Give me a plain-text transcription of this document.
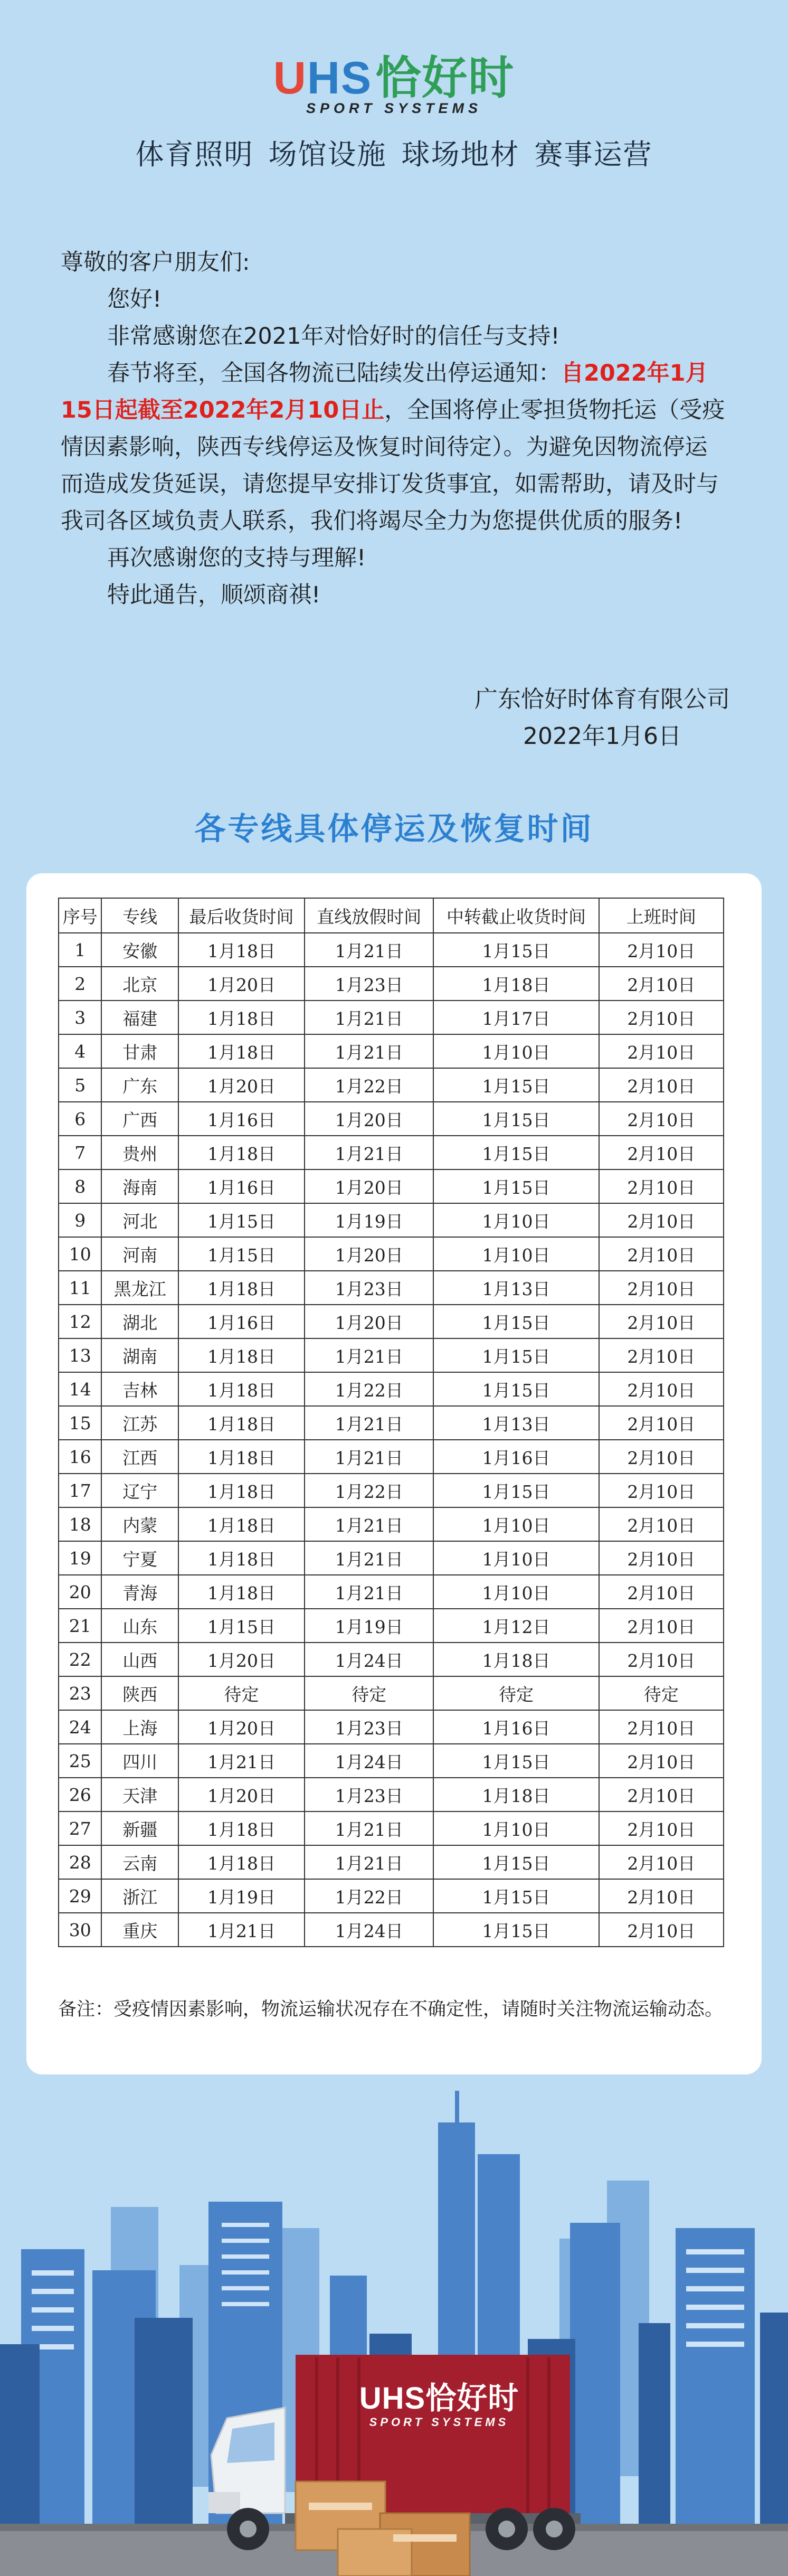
UHS恰好时
SPORT SYSTEMS
体育照明 场馆设施 球场地材 赛事运营

尊敬的客户朋友们:

您好!

非常感谢您在2021年对恰好时的信任与支持!

春节将至，全国各物流已陆续发出停运通知：自2022年1月15日起截至2022年2月10日止，全国将停止零担货物托运（受疫情因素影响，陕西专线停运及恢复时间待定）。为避免因物流停运而造成发货延误，请您提早安排订发货事宜，如需帮助，请及时与我司各区域负责人联系，我们将竭尽全力为您提供优质的服务!

再次感谢您的支持与理解!

特此通告，顺颂商祺!

广东恰好时体育有限公司
2022年1月6日
各专线具体停运及恢复时间
序号	专线	最后收货时间	直线放假时间	中转截止收货时间	上班时间
1	安徽	1月18日	1月21日	1月15日	2月10日
2	北京	1月20日	1月23日	1月18日	2月10日
3	福建	1月18日	1月21日	1月17日	2月10日
4	甘肃	1月18日	1月21日	1月10日	2月10日
5	广东	1月20日	1月22日	1月15日	2月10日
6	广西	1月16日	1月20日	1月15日	2月10日
7	贵州	1月18日	1月21日	1月15日	2月10日
8	海南	1月16日	1月20日	1月15日	2月10日
9	河北	1月15日	1月19日	1月10日	2月10日
10	河南	1月15日	1月20日	1月10日	2月10日
11	黑龙江	1月18日	1月23日	1月13日	2月10日
12	湖北	1月16日	1月20日	1月15日	2月10日
13	湖南	1月18日	1月21日	1月15日	2月10日
14	吉林	1月18日	1月22日	1月15日	2月10日
15	江苏	1月18日	1月21日	1月13日	2月10日
16	江西	1月18日	1月21日	1月16日	2月10日
17	辽宁	1月18日	1月22日	1月15日	2月10日
18	内蒙	1月18日	1月21日	1月10日	2月10日
19	宁夏	1月18日	1月21日	1月10日	2月10日
20	青海	1月18日	1月21日	1月10日	2月10日
21	山东	1月15日	1月19日	1月12日	2月10日
22	山西	1月20日	1月24日	1月18日	2月10日
23	陕西	待定	待定	待定	待定
24	上海	1月20日	1月23日	1月16日	2月10日
25	四川	1月21日	1月24日	1月15日	2月10日
26	天津	1月20日	1月23日	1月18日	2月10日
27	新疆	1月18日	1月21日	1月10日	2月10日
28	云南	1月18日	1月21日	1月15日	2月10日
29	浙江	1月19日	1月22日	1月15日	2月10日
30	重庆	1月21日	1月24日	1月15日	2月10日
备注：受疫情因素影响，物流运输状况存在不确定性，请随时关注物流运输动态。
UHS恰好时
SPORT SYSTEMS
